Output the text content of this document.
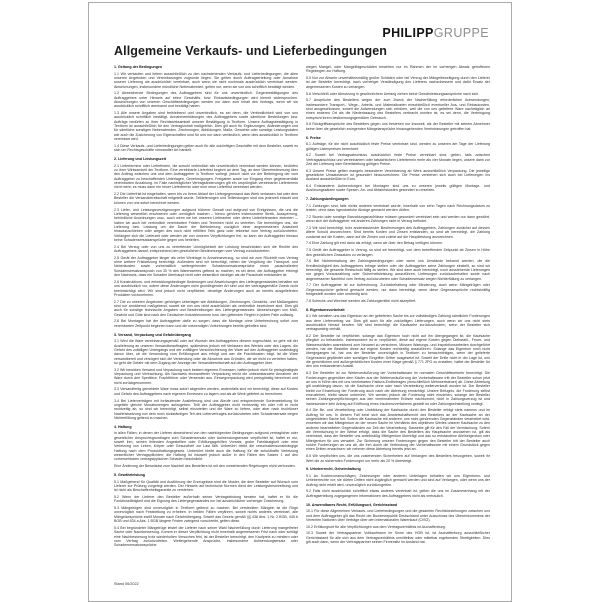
PHILIPPGRUPPE
Allgemeine Verkaufs- und Lieferbedingungen
1. Geltung der Bedingungen

1.1 Wir verkaufen und liefern ausschließlich zu den nachstehenden Verkaufs- und Lieferbedingungen, die allen unseren Angeboten und Vereinbarungen zugrunde liegen. Sie gelten durch Auftragserteilung oder Annahme unserer Lieferung als ausdrücklich vereinbart, auch wenn sie nicht nochmals ausdrücklich vereinbart werden. Abweichungen, insbesondere mündliche Nebenabreden, gelten nur, wenn sie von uns schriftlich bestätigt werden.

1.2 Abweichende Bedingungen des Auftraggebers sind für uns unverbindlich. Gegenbestätigungen des Auftraggebers unter Hinweis auf seine Geschäfts- bzw. Einkaufsbedingungen wird hiermit widersprochen. Abweichungen von unseren Geschäftsbedingungen werden nur dann zum Inhalt des Vertrags, wenn wir sie ausdrücklich schriftlich anerkannt und bestätigt haben.

1.3 Alle unsere Angaben sind freibleibend und unverbindlich, es sei denn, die Verbindlichkeit wird von uns ausdrücklich schriftlich bestätigt. Annahmeerklärungen des Auftraggebers sowie sämtliche Bestellungen bzw. Aufträge bedürfen zu ihrer Rechtswirksamkeit unserer Bestätigung in Textform. Unsere Auftragsbestätigung in Textform ist ausschließlich für den Vertragsinhalt maßgeblich. Dies gilt auch für Ergänzungen, Abänderungen und für sämtliche sonstigen Nebenabreden. Zeichnungen, Abbildungen, Maße, Gewichte oder sonstige Leistungsdaten wie auch die Zusicherung von Eigenschaften sind für uns nur dann verbindlich, wenn dies ausdrücklich in Textform vereinbart wird.

1.4 Diese Verkaufs- und Lieferbedingungen gelten auch für alle zukünftigen Geschäfte mit dem Besteller, soweit es sich um Rechtsgeschäfte verwandter Art handelt.

2. Lieferung und Leistungszeit

2.1 Liefertermine oder Lieferfristen, die sowohl verbindlich wie unverbindlich vereinbart werden können, bedürfen zu ihrer Wirksamkeit der Textform. Eine vereinbarte Lieferfrist beginnt an dem Tag, an dem Übereinstimmung über den Auftrag zwischen uns und dem Auftraggeber in Textform vorliegt, jedoch nicht vor der Beibringung der vom Auftraggeber zu beschaffenden Unterlagen, Genehmigungen, Freigaben sowie vor Eingang einer gegebenenfalls vereinbarten Anzahlung. Im Falle nachträglicher Vertragsänderungen gilt ein ursprünglich vereinbarter Liefertermin nicht mehr; es muss dann ein neuer Liefertermin oder eine neue Lieferfrist vereinbart werden.

2.2 Die Lieferfrist ist eingehalten, wenn bis zu ihrem Ablauf der Liefergegenstand das Werk verlassen hat oder dem Besteller die Versandbereitschaft mitgeteilt wurde. Teillieferungen und Teilleistungen sind uns jederzeit erlaubt und können von uns sofort berechnet werden.

2.3 Liefer- und Leistungsverzögerungen aufgrund höherer Gewalt und aufgrund von Ereignissen, die uns die Lieferung wesentlich erschweren oder unmöglich machen – hierzu gehören insbesondere Streik, Aussperrung, behördliche Anordnungen usw., auch wenn sie bei unseren Lieferanten oder deren Unterlieferanten eintreten –, haben wir auch bei verbindlich vereinbarten Fristen und Terminen nicht zu vertreten. Sie berechtigen uns, die Lieferung bzw. Leistung um die Dauer der Behinderung zuzüglich einer angemessenen Anlaufzeit hinauszuschieben oder wegen des noch nicht erfüllten Teils ganz oder teilweise vom Vertrag zurückzutreten. Verlängert sich die Lieferzeit oder werden wir von unseren Verpflichtungen frei, so kann der Auftraggeber hieraus keine Schadensersatzansprüche gegen uns herleiten.

2.4 Bei Verzug oder von uns zu vertretender Unmöglichkeit der Leistung beschränken sich die Rechte des Auftraggebers darauf, entsprechend den gesetzlichen Bestimmungen vom Vertrag zurückzutreten.

2.5 Gerät der Auftraggeber länger als zehn Werktage in Annahmeverzug, so sind wir zum Rücktritt vom Vertrag ohne weitere Fristsetzung berechtigt. Außerdem sind wir berechtigt, neben der Vergütung der Transport- und Nebenkosten sowie vorbehaltlich weitergehender Schadensersatzansprüche einen pauschalierten Schadensersatzanspruch von 30 % des Warenwertes geltend zu machen, es sei denn, der Auftraggeber erbringt den Nachweis, dass ein Schaden überhaupt nicht oder wesentlich niedriger als die Pauschale entstanden ist.

2.6 Konstruktions- und entwicklungsbedingte Änderungen und Abweichungen des Liefergegenstandes behalten wir uns ausdrücklich vor, sofern diese Änderungen nicht grundlegender Art sind und der vertragsgemäße Zweck nicht beeinträchtigt wird. Wir sind jedoch nicht verpflichtet, derartige Änderungen auch an bereits ausgelieferten Produkten vorzunehmen.

2.7 Die zu unseren Angeboten gehörigen Unterlagen wie Abbildungen, Zeichnungen, Gewichts- und Maßangaben sind nur annähernd maßgebend, soweit sie von uns nicht ausdrücklich als verbindlich bezeichnet sind. Dies gilt auch für sonstige technische Angaben und Beschreibungen des Liefergegenstandes. Abweichungen von Maß, Gewicht und Güte sind nach den Deutschen Industrienormen bzw. den geltenden Regeln in jedem Falle zulässig.

2.8 Bei Montagen hat der Auftraggeber dafür zu sorgen, dass die Montage ohne Unterbrechung sofort zum vereinbarten Zeitpunkt beginnen kann und die notwendigen Vorkehrungen bereits getroffen sind.

3. Versand, Verpackung und Gefahrübergang

3.1 Wird die Ware vereinbarungsgemäß oder auf Wunsch des Auftraggebers diesem zugeschickt, so geht mit der Auslieferung an unseren Versandbeauftragten, spätestens jedoch mit Verlassen des Werkes oder des Lagers, die Gefahr des zufälligen Untergangs und der zufälligen Verschlechterung der Ware auf den Auftraggeber unabhängig davon über, ob die Versendung vom Erfüllungsort aus erfolgt und wer die Frachtkosten trägt. Ist die Ware versandbereit und verzögert sich die Versendung oder die Abnahme aus Gründen, die wir nicht zu vertreten haben, so geht die Gefahr mit dem Zugang der Anzeige der Versandbereitschaft auf den Auftraggeber über.

3.2 Wir bewirken Versand und Verpackung nach bestem eigenem Ermessen, haften jedoch nicht für preisgünstigste Verpackung und Verfrachtung. Als Nachweis einwandfreier Verpackung reicht die unbeanstandete Annahme der Ware durch den Spediteur, Frachtführer oder Versender aus. Einwegverpackung wird preisgünstig berechnet und nicht zurückgenommen.

3.3 Versandfertig gemeldete Ware muss sofort abgerufen werden, andernfalls sind wir berechtigt, diese auf Kosten und Gefahr des Auftraggebers nach eigenem Ermessen zu lagern und als ab Werk geliefert zu berechnen.

3.4 Bei Lieferverträgen mit fortlaufender Auslieferung sind uns Abrufe und entsprechende Sorteneinteilung für ungefähr gleiche Monatsmengen aufzugeben. Teilt der Auftraggeber nicht rechtzeitig ein oder ruft er nicht rechtzeitig ab, so sind wir berechtigt, selbst einzuteilen und die Ware zu liefern, oder aber nach fruchtloser Nachfristsetzung von dem noch rückständigen Teil des Liefervertrages zurückzutreten oder Schadensersatz wegen Nichterfüllung geltend zu machen.

4. Haftung

In allen Fällen, in denen der Lieferer abweichend von den nachfolgenden Bedingungen aufgrund vertraglicher oder gesetzlicher Anspruchsgrundlagen zum Schadensersatz oder Aufwendungsersatz verpflichtet ist, haftet er nur, soweit ihm, seinen leitenden Angestellten oder Erfüllungsgehilfen Vorsatz, grobe Fahrlässigkeit oder eine Verletzung von Leben, Körper oder Gesundheit zur Last fällt. Unberührt bleibt die verschuldensunabhängige Haftung nach dem Produkthaftungsgesetz. Unberührt bleibt auch die Haftung für die schuldhafte Verletzung wesentlicher Vertragspflichten; die Haftung ist insoweit jedoch außer in den Fällen des Satzes 1 auf den vorhersehbaren vertragstypischen Schaden beschränkt.

Eine Änderung der Beweislast zum Nachteil des Bestellers ist mit den vorstehenden Regelungen nicht verbunden.

5. Gewährleistung

5.1 Maßgebend für Qualität und Ausführung der Erzeugnisse sind die Muster, die dem Besteller auf Wunsch vom Lieferer zur Prüfung vorgelegt werden. Der Hinweis auf technische Normen dient der Leistungsbeschreibung und ist nicht als Beschaffenheitsgarantie zu verstehen.

5.2 Wenn der Lieferer den Besteller außerhalb seiner Vertragsleistung beraten hat, haftet er für die Funktionsfähigkeit und die Eignung des Liefergegenstandes nur bei ausdrücklicher vorheriger Zusicherung.

5.3 Mängelrügen sind unverzüglich in Textform geltend zu machen. Bei versteckten Mängeln ist die Rüge unverzüglich nach Feststellung zu erheben. In beiden Fällen verjähren, soweit nichts anderes vereinbart, alle Mängelansprüche zwölf Monate nach Gefahrübergang. Soweit das Gesetz gemäß §§ 438 Abs. 1 Nr. 2 BGB, 445 b BGB und 634 a Abs. 1 BGB längere Fristen zwingend vorschreibt, gelten diese.

5.4 Bei begründeter Mängelrüge leistet der Lieferer nach seiner Wahl Nacherfüllung durch Lieferung mangelfreier Sache oder Nachbesserung. Kommt er dieser Verpflichtung nicht innerhalb angemessener Frist nach oder schlägt eine Nachbesserung trotz wiederholten Versuches fehl, ist der Besteller berechtigt, den Kaufpreis zu mindern oder vom Vertrag zurückzutreten. Weitergehende Ansprüche, insbesondere Aufwendungsersatz oder Schadensersatzansprüche

wegen Mangel- oder Mangelfolgeschäden bestehen nur im Rahmen der im vorherigen Absatz getroffenen Regelungen zur Haftung.

5.5 Nur zur Abwehr unverhältnismäßig großer Schäden oder bei Verzug der Mängelbeseitigung durch den Lieferer ist der Besteller berechtigt, nach vorheriger Verständigung des Lieferers nachzubessern und dafür Ersatz der angemessenen Kosten zu verlangen.

5.6 Verschleiß oder Abnutzung in gewöhnlichem Umfang ziehen keine Gewährleistungsansprüche nach sich.

5.7 Ansprüche des Bestellers wegen der zum Zweck der Nacherfüllung erforderlichen Aufwendungen, insbesondere Transport-, Wege-, Arbeits- und Materialkosten einschließlich eventueller Aus- und Einbaukosten, sind ausgeschlossen, soweit die Aufwendungen sich erhöhen, weil die von uns gelieferte Ware nachträglich an einen anderen Ort als die Niederlassung des Bestellers verbracht worden ist, es sei denn, die Verbringung entspricht ihrem bestimmungsgemäßen Gebrauch.

5.8 Rückgriffsansprüche des Bestellers gegen uns bestehen nur insoweit, als der Besteller mit seinem Abnehmer keine über die gesetzlich zwingenden Mängelansprüche hinausgehenden Vereinbarungen getroffen hat.

6. Preise

6.1 Aufträge, für die nicht ausdrücklich feste Preise vereinbart sind, werden zu unseren am Tage der Lieferung gültigen Listenpreisen berechnet.

6.2 Soweit bei Vertragsabschluss ausdrücklich feste Preise vereinbart sind, gelten, falls zwischen Vertragsabschluss und vereinbartem oder tatsächlichem Liefertermin mehr als vier Monate liegen, unsere dann zur Zeit der Lieferung oder Bereitstellung gültigen Preise.

6.3 Unsere Preise gelten mangels besonderer Vereinbarung ab Werk ausschließlich Verpackung. Die jeweilige gesetzliche Umsatzsteuer ist gesondert hinzuzurechnen. Die Preise verstehen sich auch bei Lieferungen ins Ausland ausschließlich in Euro.

6.4 Entstandene Aufwendungen bei Montagen sind uns zu unseren jeweils gültigen Montage- und Auslösungssätzen sowie Spesen, An- und Abfahrtskosten gesondert zu ersetzen.

7. Zahlungsbedingungen

7.1 Zahlungen sind, falls nichts anderes vereinbart wurde, innerhalb von zehn Tagen nach Rechnungsdatum zu leisten, ohne dass irgendwelche Abzüge gemacht werden dürfen.

7.2 Skonto oder sonstige Barzahlungsnachlässe müssen gesondert vereinbart sein und werden nur dann gewährt, wenn sich der Auftraggeber mit anderen Zahlungen nicht in Verzug befindet.

7.3 Wir sind berechtigt, trotz anderslautender Bestimmungen des Auftraggebers, Zahlungen zunächst auf dessen ältere Schuld anzurechnen. Sind bereits Kosten und Zinsen entstanden, so sind wir berechtigt, die Zahlung zunächst auf die Kosten, dann auf die Zinsen und zuletzt auf die Hauptleistung anzurechnen.

7.4 Eine Zahlung gilt erst dann als erfolgt, wenn wir über den Betrag verfügen können.

7.5 Gerät der Auftraggeber in Verzug, so sind wir berechtigt, von dem betreffenden Zeitpunkt ab Zinsen in Höhe des gesetzlichen Zinssatzes zu verlangen.

7.6 Bei Nichteinhaltung der Zahlungsbedingungen oder wenn uns Umstände bekannt werden, die die Kreditwürdigkeit des Auftraggebers infrage stellen oder der Auftraggeber seine Zahlungen einstellt, so sind wir berechtigt, die gesamte Restschuld fällig zu stellen. Wir sind dann auch berechtigt, noch ausstehende Lieferungen nur gegen Vorauszahlung oder Sicherheitsleistung auszuführen, Lieferungen zurückzubehalten sowie nach angemessener Nachfrist vom Vertrag zurückzutreten oder Schadensersatz wegen Nichterfüllung zu verlangen.

7.7 Der Auftraggeber ist zur Aufrechnung, Zurückbehaltung oder Minderung, auch wenn Mängelrügen oder Gegenansprüche geltend gemacht werden, nur dann berechtigt, wenn diese Gegenansprüche rechtskräftig festgestellt worden oder unstreitig sind.

7.8 Schecks und Wechsel werden als Zahlungsmittel nicht akzeptiert.

8. Eigentumsvorbehalt

8.1 Wir behalten uns das Eigentum an der gelieferten Sache bis zur vollständigen Zahlung sämtlicher Forderungen aus dem Liefervertrag vor. Dies gilt auch für alle zukünftigen Lieferungen, auch wenn wir uns nicht stets ausdrücklich hierauf berufen. Wir sind berechtigt, die Kaufsache zurückzufordern, wenn der Besteller sich vertragswidrig verhält.

8.2 Der Besteller ist verpflichtet, solange das Eigentum noch nicht auf ihn übergegangen ist, die Kaufsache pfleglich zu behandeln. Insbesondere ist er verpflichtet, diese auf eigene Kosten gegen Diebstahl-, Feuer- und Wasserschäden ausreichend zum Neuwert zu versichern. Müssen Wartungs- und Inspektionsarbeiten durchgeführt werden, hat der Besteller diese auf eigene Kosten rechtzeitig auszuführen. Solange das Eigentum noch nicht übergegangen ist, hat uns der Besteller unverzüglich in Textform zu benachrichtigen, wenn der gelieferte Gegenstand gepfändet oder sonstigen Eingriffen Dritter ausgesetzt ist. Soweit der Dritte nicht in der Lage ist, uns die gerichtlichen und außergerichtlichen Kosten einer Klage gemäß § 771 ZPO zu erstatten, haftet der Besteller für den uns entstandenen Ausfall.

8.3 Der Besteller ist zur Weiterveräußerung der Vorbehaltsware im normalen Geschäftsverkehr berechtigt. Die Forderungen gegenüber dem Käufer aus der Weiterveräußerung der Vorbehaltsware tritt der Besteller schon jetzt an uns in Höhe des mit uns vereinbarten Faktura-Endbetrages (einschließlich Mehrwertsteuer) ab. Diese Abtretung gilt unabhängig davon, ob die Kaufsache ohne oder nach Verarbeitung weiterverkauft worden ist. Der Besteller bleibt zur Einziehung der Forderung auch nach der Abtretung ermächtigt. Unsere Befugnis, die Forderung selbst einzuziehen, bleibt davon unberührt. Wir werden jedoch die Forderung nicht einziehen, solange der Besteller seinen Zahlungsverpflichtungen aus den vereinnahmten Erlösen nachkommt, nicht in Zahlungsverzug ist und insbesondere kein Antrag auf Eröffnung eines Insolvenzverfahrens gestellt ist oder Zahlungseinstellung vorliegt.

8.4 Die Be- und Verarbeitung oder Umbildung der Kaufsache durch den Besteller erfolgt stets namens und im Auftrag für uns. In diesem Fall setzt sich das Anwartschaftsrecht des Bestellers an der Kaufsache an der umgebildeten Sache fort. Sofern die Kaufsache mit anderen, uns nicht gehörenden Gegenständen verarbeitet wird, erwerben wir das Miteigentum an der neuen Sache im Verhältnis des objektiven Wertes unserer Kaufsache zu den anderen bearbeiteten Gegenständen zur Zeit der Verarbeitung. Dasselbe gilt für den Fall der Vermischung. Sofern die Vermischung in der Weise erfolgt, dass die Sache des Bestellers als Hauptsache anzusehen ist, gilt als vereinbart, dass der Besteller uns anteilmäßig Miteigentum überträgt und das so entstandene Alleineigentum oder Miteigentum für uns verwahrt. Zur Sicherung unserer Forderungen gegen den Besteller tritt der Besteller auch solche Forderungen an uns ab, die ihm durch die Verbindung der Vorbehaltsware mit einem Grundstück gegen einen Dritten erwachsen; wir nehmen diese Abtretung bereits jetzt an.

8.5 Wir verpflichten uns, die uns zustehenden Sicherheiten auf Verlangen des Bestellers freizugeben, soweit ihr Wert die zu sichernden Forderungen um mehr als 20 % übersteigt.

9. Urheberrecht, Geheimhaltung

9.1 An Kostenvoranschlägen, Zeichnungen oder anderen Unterlagen behalten wir uns Eigentums- und Urheberrechte vor; sie dürfen Dritten nicht zugänglich gemacht werden und sind auf Verlangen, oder wenn uns der Auftrag nicht erteilt wird, unverzüglich zurückzugeben.

9.2 Falls nicht ausdrücklich schriftlich etwas anderes vereinbart ist, gelten die uns im Zusammenhang mit der Auftragserteilung zugegangenen Informationen des Auftraggebers nicht als vertraulich.

10. Anwendbares Recht, Erfüllungsort, Gerichtsstand

10.1 Für diese Allgemeinen Verkaufs- und Lieferbedingungen und die gesamten Rechtsbeziehungen zwischen uns und dem Auftraggeber gilt das Recht der Bundesrepublik Deutschland unter Ausschluss des Übereinkommens der Vereinten Nationen über Verträge über den internationalen Warenkauf (CISG).

10.2 Erfüllungsort für alle Verpflichtungen aus dem Vertragsverhältnis ist Aschaffenburg.

10.3 Soweit der Vertragspartner Vollkaufmann im Sinne des HGB ist, ist Aschaffenburg ausschließlicher Gerichtsstand für alle sich aus dem Vertragsverhältnis unmittelbar oder mittelbar ergebenden Streitigkeiten. Dies gilt auch dann, wenn der Vertragspartner seinen Firmensitz im Ausland hat.

Stand 06/2022
